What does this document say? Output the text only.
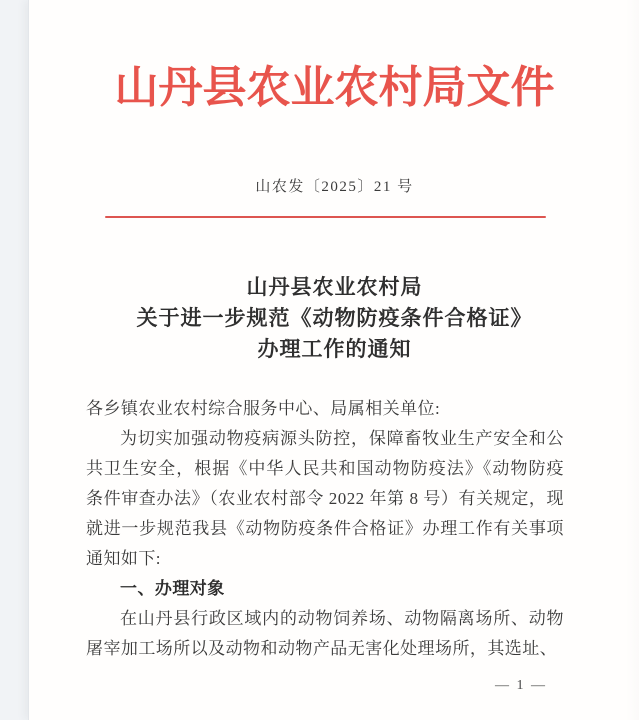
山丹县农业农村局文件
山农发〔2025〕21 号
山丹县农业农村局
关于进一步规范《动物防疫条件合格证》
办理工作的通知

各乡镇农业农村综合服务中心、局属相关单位:

为切实加强动物疫病源头防控，保障畜牧业生产安全和公共卫生安全，根据《中华人民共和国动物防疫法》《动物防疫条件审查办法》（农业农村部令 2022 年第 8 号）有关规定，现就进一步规范我县《动物防疫条件合格证》办理工作有关事项通知如下:

一、办理对象

在山丹县行政区域内的动物饲养场、动物隔离场所、动物屠宰加工场所以及动物和动物产品无害化处理场所，其选址、

— 1 —
